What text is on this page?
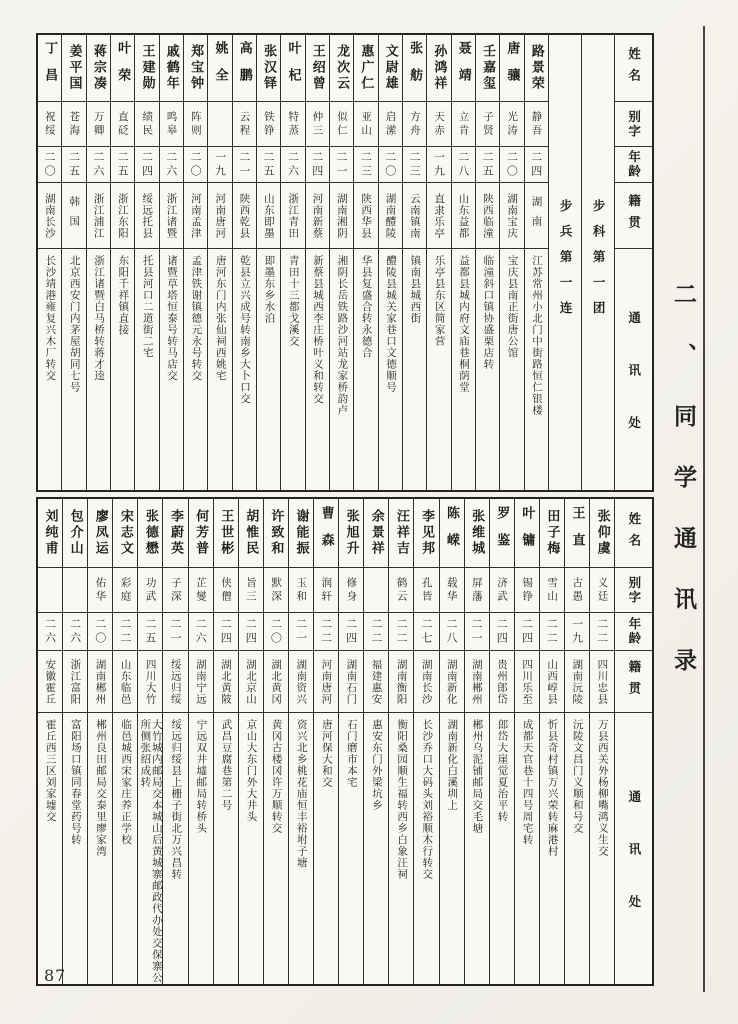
丁昌
祝绥
二〇
湖南长沙
长沙靖港雍复兴木厂转交
姜平国
苍海
二五
韩国
北京西安门内茅屋胡同七号
蒋宗凑
万卿
二六
浙江浦江
浙江诸暨白马桥转蒋才逵
叶荣
直砭
二五
浙江东阳
东阳千祥镇直接
王建勋
绩民
二四
绥远托县
托县河口二道街二宅
戚鹤年
鸣皋
二六
浙江诸暨
诸暨草塔恒泰号转马店交
郑宝钟
阵则
二〇
河南孟津
孟津铁谢镇德元永号转交
姚全
一九
河南唐河
唐河东门内张仙祠西姚宅
高鹏
云程
二一
陕西乾县
乾县立兴成号转南乡大卜口交
张汉铎
铁铮
二五
山东即墨
即墨东乡水泊
叶杞
特蒸
二六
浙江青田
青田十三都戈溪交
王绍曾
仲三
二四
河南新蔡
新蔡县城西李庄桥叶义和转交
龙次云
似仁
二一
湖南湘阴
湘阴长岳铁路沙河站龙家桥韵卢
惠广仁
亚山
二三
陕西华县
华县复盛合转永德合
文尉雄
启潆
二〇
湖南醴陵
醴陵县城关家巷口文德顺号
张舫
方舟
二三
云南镇南
镇南县城西街
孙鸿祥
天赤
一九
直隶乐亭
乐亭县东区简家营
聂靖
立肯
二八
山东益都
益都县城内府文庙巷桐荫堂
壬嘉玺
子贤
二五
陕西临潼
临潼斜口镇协盛栗店转
唐骧
光涛
二〇
湖南宝庆
宝庆县南正街唐公馆
路景荣
静吾
二四
湖南
江苏常州小北门中街路恒仁银楼 步兵第一连 步科第一团
姓名
别字
年龄
籍贯
通讯处
刘纯甫
二六
安徽霍丘
霍丘西三区刘家墟交
包介山
二六
浙江富阳
富阳场口镇同春堂药号转
廖凤运
佑华
二〇
湖南郴州
郴州良田邮局交泰里廖家湾
宋志文
彩庭
二二
山东临邑
临邑城西宋家庄养正学校
张德懋
功武
二五
四川大竹
大竹城内邮局交本城山后黄城寨邮政代办处交保寨公所侧张绍成转
李蔚英
子深
二一
绥远归绥
绥远归绥县上栅子街北万兴昌转
何芳普
芷燮
二六
湖南宁远
宁远双井墟邮局转桥头
王世彬
侠僧
二四
湖北黄陂
武昌豆腐巷第二号
胡惟民
旨三
二四
湖北京山
京山大东门外大井头
许致和
默深
二〇
湖北黄冈
黄冈古楼冈许万顺转交
谢能振
玉和
二一
湖南资兴
资兴北乡桃花庙恒丰裕坿子塘
曹森
润轩
二二
河南唐河
唐河保大和交
张旭升
修身
二四
湖南石门
石门磨市本宅
余景祥
二二
福建惠安
惠安东门外梁坑乡
汪祥吉
鹤云
二二
湖南衡阳
衡阳桑园顺生福转西乡白象汪祠
李见邦
孔皆
二七
湖南长沙
长沙乔口大码头刘裕顺木行转交
陈嵘
载华
二八
湖南新化
湖南新化白溪圳上
张维城
屏藩
二一
湖南郴州
郴州乌泥铺邮局交毛塘
罗鉴
济武
二四
贵州郎岱
郎岱大崖觉夏治平转
叶镛
锡铮
二四
四川乐至
成都天官巷十四号周宅转
田子梅
雪山
二二
山西崞县
忻县奇村镇万兴荣转麻港村
王直
古愚
一九
湖南沅陵
沅陵文昌门义顺和号交
张仰虞
义廷
二二
四川忠县
万县西关外杨柳嘴鸿义生交
姓名
别字
年龄
籍贯
通讯处
二、同学通讯录
87
